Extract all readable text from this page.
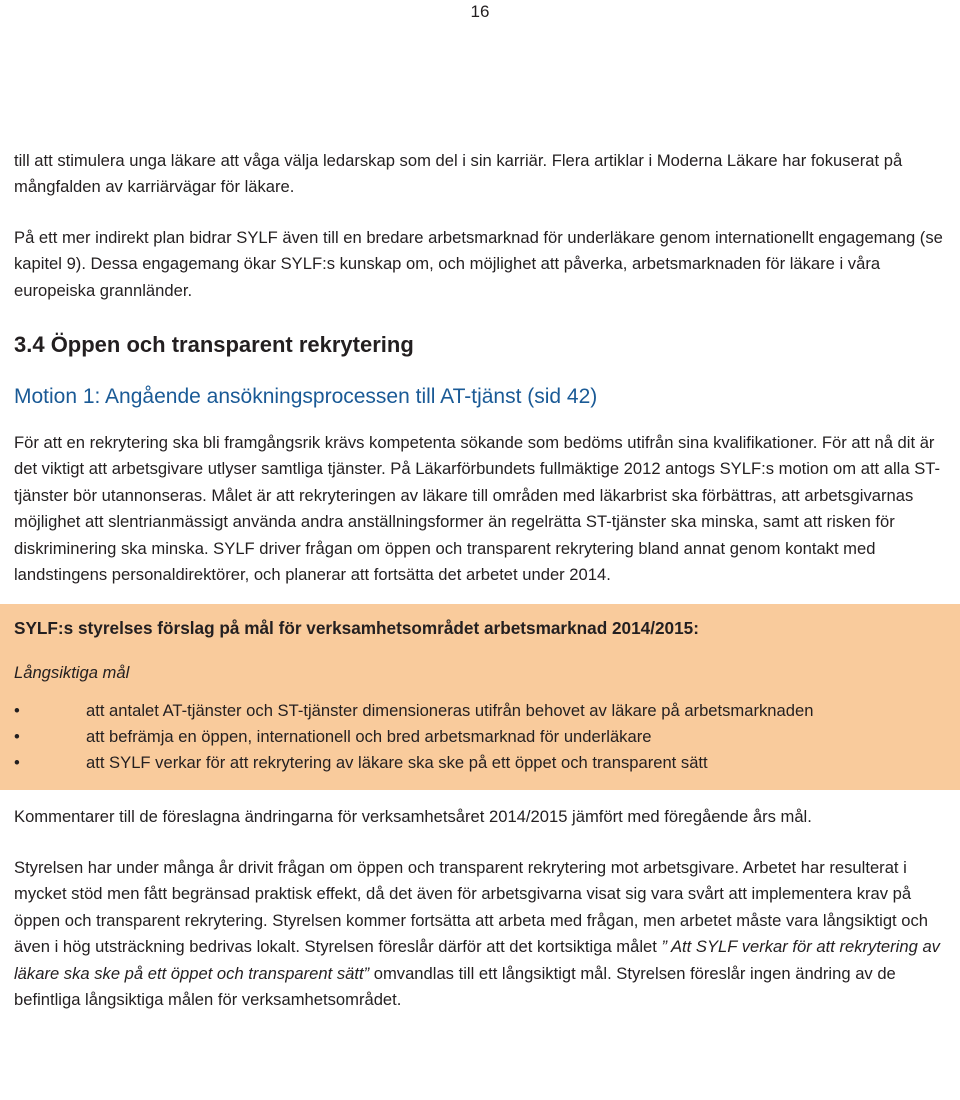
16

till att stimulera unga läkare att våga välja ledarskap som del i sin karriär. Flera artiklar i Moderna Läkare har fokuserat på mångfalden av karriärvägar för läkare.

På ett mer indirekt plan bidrar SYLF även till en bredare arbetsmarknad för underläkare genom internationellt engagemang (se kapitel 9). Dessa engagemang ökar SYLF:s kunskap om, och möjlighet att påverka, arbetsmarknaden för läkare i våra europeiska grannländer.

3.4 Öppen och transparent rekrytering
Motion 1: Angående ansökningsprocessen till AT-tjänst (sid 42)

För att en rekrytering ska bli framgångsrik krävs kompetenta sökande som bedöms utifrån sina kvalifikationer. För att nå dit är det viktigt att arbetsgivare utlyser samtliga tjänster. På Läkarförbundets fullmäktige 2012 antogs SYLF:s motion om att alla ST-tjänster bör utannonseras. Målet är att rekryteringen av läkare till områden med läkarbrist ska förbättras, att arbetsgivarnas möjlighet att slentrianmässigt använda andra anställningsformer än regelrätta ST-tjänster ska minska, samt att risken för diskriminering ska minska. SYLF driver frågan om öppen och transparent rekrytering bland annat genom kontakt med landstingens personaldirektörer, och planerar att fortsätta det arbetet under 2014.

SYLF:s styrelses förslag på mål för verksamhetsområdet arbetsmarknad 2014/2015:
Långsiktiga mål
•	att antalet AT-tjänster och ST-tjänster dimensioneras utifrån behovet av läkare på arbetsmarknaden
•	att befrämja en öppen, internationell och bred arbetsmarknad för underläkare
•	att SYLF verkar för att rekrytering av läkare ska ske på ett öppet och transparent sätt

Kommentarer till de föreslagna ändringarna för verksamhetsåret 2014/2015 jämfört med föregående års mål.

Styrelsen har under många år drivit frågan om öppen och transparent rekrytering mot arbetsgivare. Arbetet har resulterat i mycket stöd men fått begränsad praktisk effekt, då det även för arbetsgivarna visat sig vara svårt att implementera krav på öppen och transparent rekrytering. Styrelsen kommer fortsätta att arbeta med frågan, men arbetet måste vara långsiktigt och även i hög utsträckning bedrivas lokalt. Styrelsen föreslår därför att det kortsiktiga målet ” Att SYLF verkar för att rekrytering av läkare ska ske på ett öppet och transparent sätt” omvandlas till ett långsiktigt mål. Styrelsen föreslår ingen ändring av de befintliga långsiktiga målen för verksamhetsområdet.
